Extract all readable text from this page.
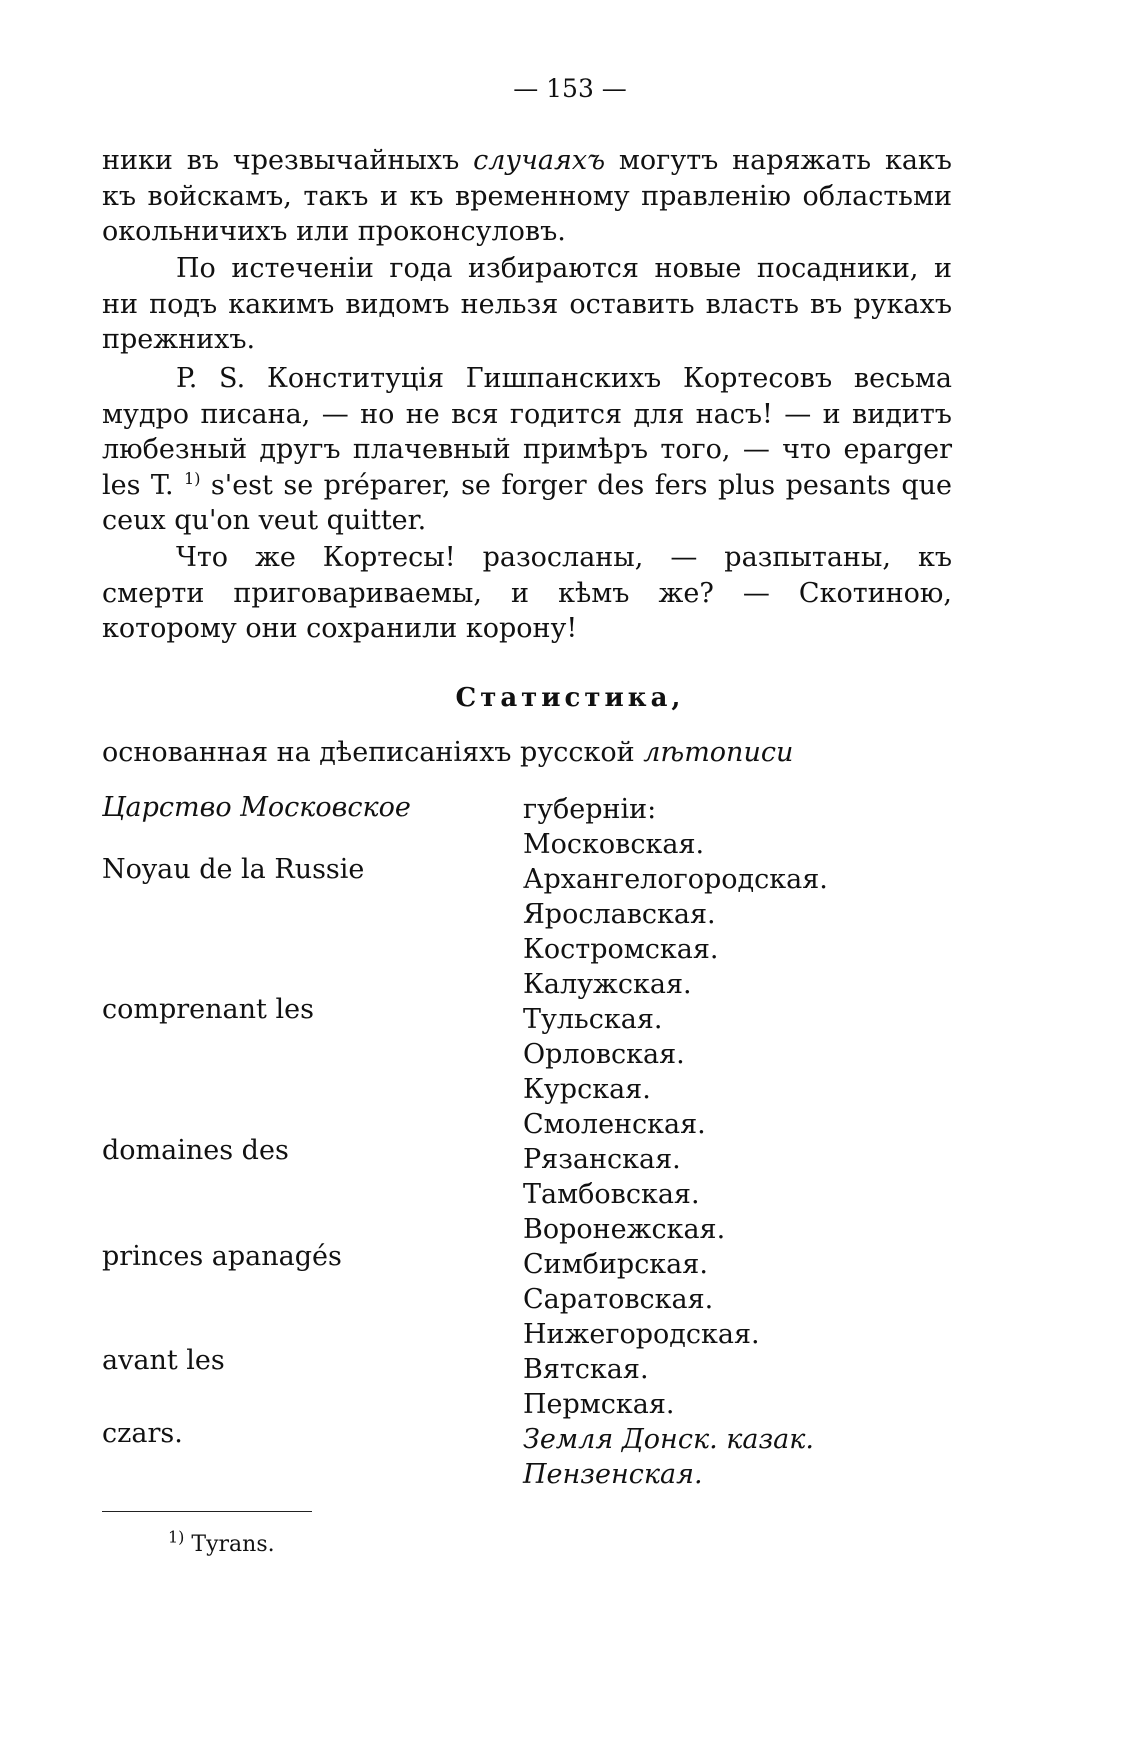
— 153 —
ники въ чрезвычайныхъ случаяхъ могутъ наряжать какъ къ войскамъ, такъ и къ временному правленію областьми окольничихъ или проконсуловъ.
По истеченіи года избираются новые посадники, и ни подъ какимъ видомъ нельзя оставить власть въ рукахъ прежнихъ.
P. S. Конституція Гишпанскихъ Кортесовъ весьма мудро писана, — но не вся годится для насъ! — и видитъ любезный другъ плачевный примѣръ того, — что eparger les T. $^{1)}$ s'est se préparer, se forger des fers plus pesants que ceux qu'on veut quitter.
Что же Кортесы! разосланы, — разпытаны, къ смерти приговариваемы, и кѣмъ же? — Скотиною, которому они сохранили корону!
Статистика,
основанная на дѣеписаніяхъ русской лѣтописи
Царство Московское
Noyau de la Russie
comprenant les
domaines des
princes apanagés
avant les
czars.
губерніи:
Московская.
Архангелогородская.
Ярославская.
Костромская.
Калужская.
Тульская.
Орловская.
Курская.
Смоленская.
Рязанская.
Тамбовская.
Воронежская.
Симбирская.
Саратовская.
Нижегородская.
Вятская.
Пермская.
Земля Донск. казак.
Пензенская.
$^{1)}$ Tyrans.
